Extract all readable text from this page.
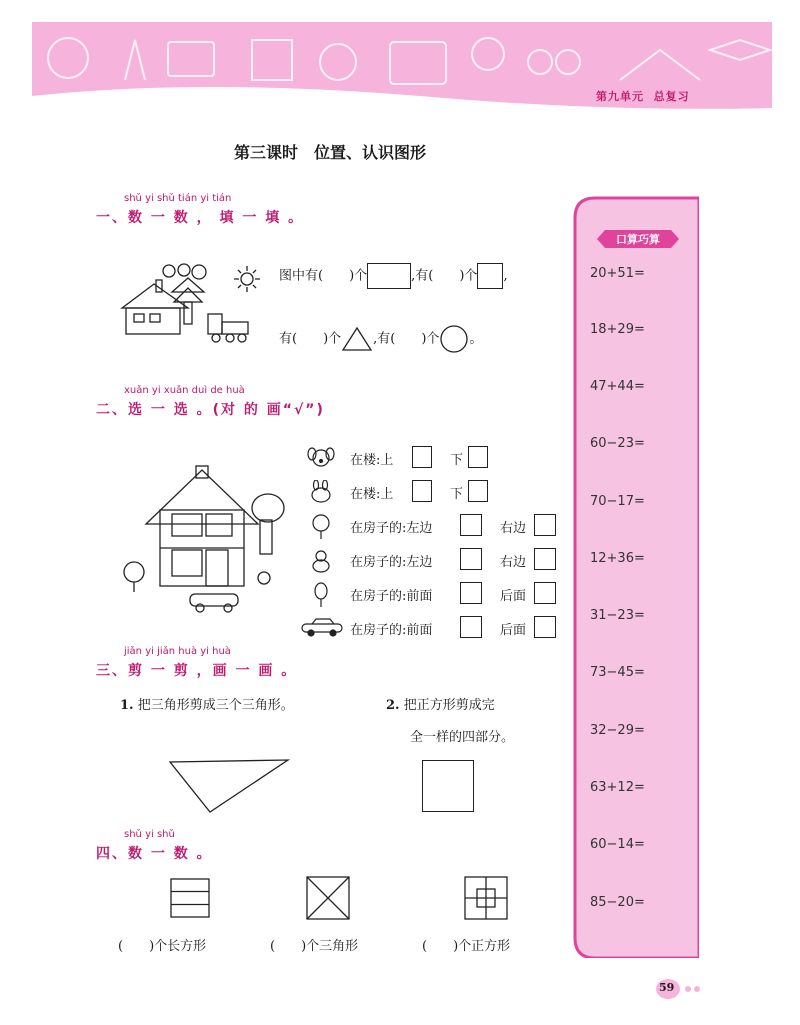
第九单元 总复习
第三课时　位置、认识图形
shǔ yi shǔ tián yi tián
一、数 一 数 ， 填 一 填 。
图中有(　　)个	,有(　　)个 ,
有(　　)个 ,有(　　)个 。
xuǎn yi xuǎn duì de huà
二、选 一 选 。(对 的 画“√”)
在楼:上	下
在楼:上	下
在房子的:左边	右边
在房子的:左边	右边
在房子的:前面	后面
在房子的:前面	后面
jiǎn yi jiǎn huà yi huà
三、剪 一 剪 ，画 一 画 。
1. 把三角形剪成三个三角形。	2. 把正方形剪成完
全一样的四部分。
shǔ yi shǔ
四、数 一 数 。
(　　)个长方形	(　　)个三角形	(　　)个正方形
口算巧算
20+51=
18+29=
47+44=
60−23=
70−17=
12+36=
31−23=
73−45=
32−29=
63+12=
60−14=
85−20=
59
